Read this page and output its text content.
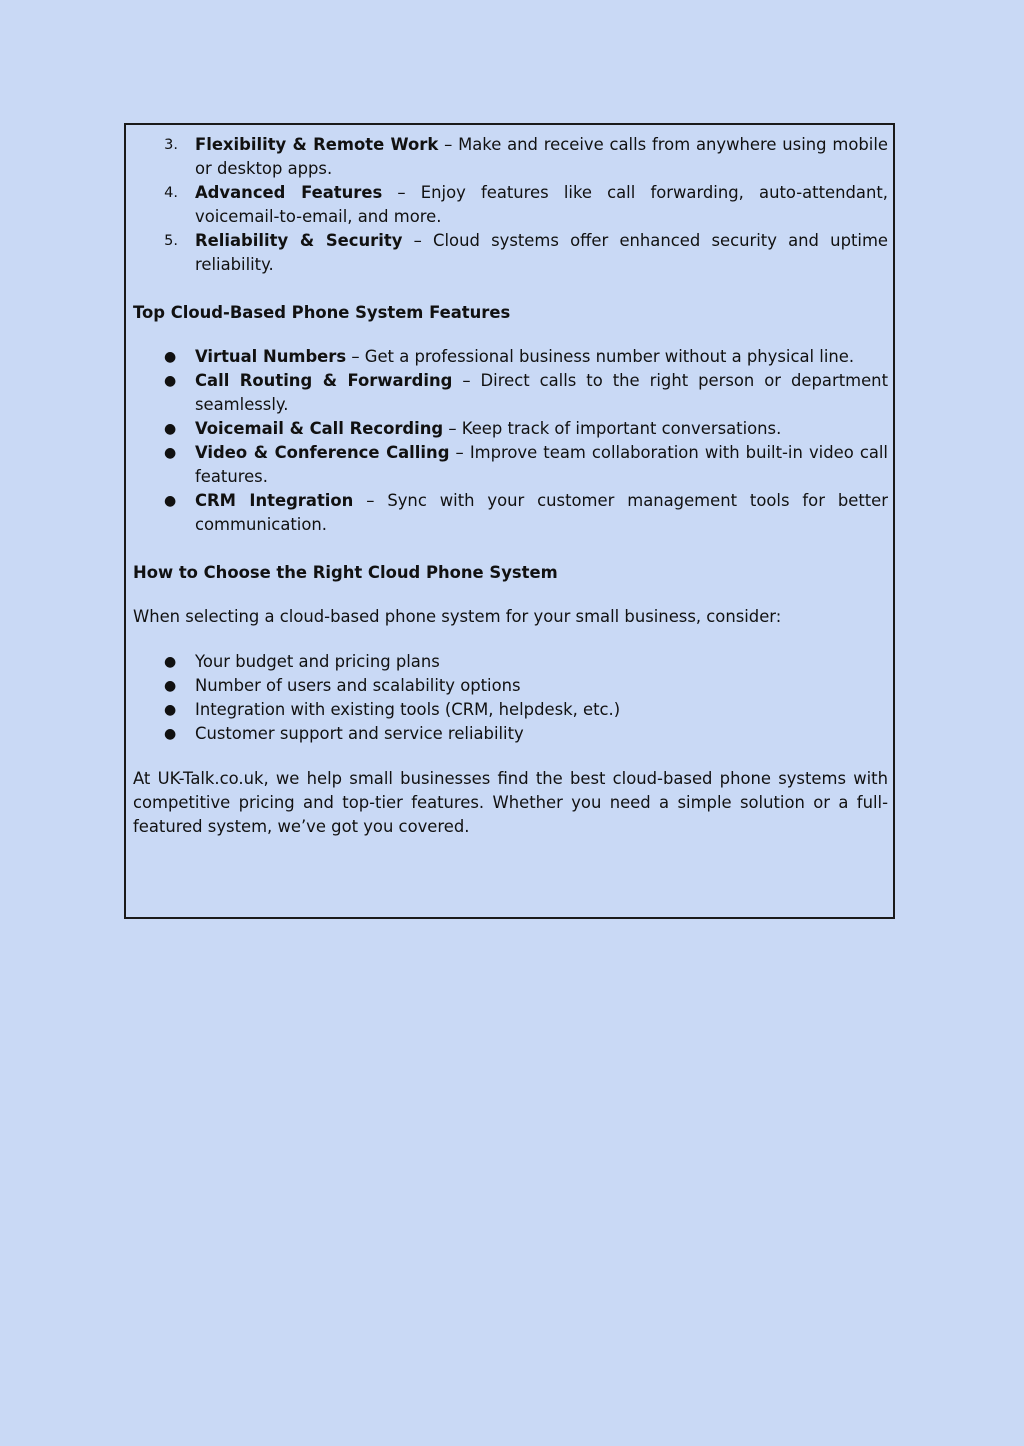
3. Flexibility & Remote Work – Make and receive calls from anywhere using mobile or desktop apps.
4. Advanced Features – Enjoy features like call forwarding, auto-attendant, voicemail-to-email, and more.
5. Reliability & Security – Cloud systems offer enhanced security and uptime reliability.

Top Cloud-Based Phone System Features

● Virtual Numbers – Get a professional business number without a physical line.
● Call Routing & Forwarding – Direct calls to the right person or department seamlessly.
● Voicemail & Call Recording – Keep track of important conversations.
● Video & Conference Calling – Improve team collaboration with built-in video call features.
● CRM Integration – Sync with your customer management tools for better communication.

How to Choose the Right Cloud Phone System

When selecting a cloud-based phone system for your small business, consider:

● Your budget and pricing plans
● Number of users and scalability options
● Integration with existing tools (CRM, helpdesk, etc.)
● Customer support and service reliability

At UK-Talk.co.uk, we help small businesses find the best cloud-based phone systems with competitive pricing and top-tier features. Whether you need a simple solution or a full-featured system, we’ve got you covered.
